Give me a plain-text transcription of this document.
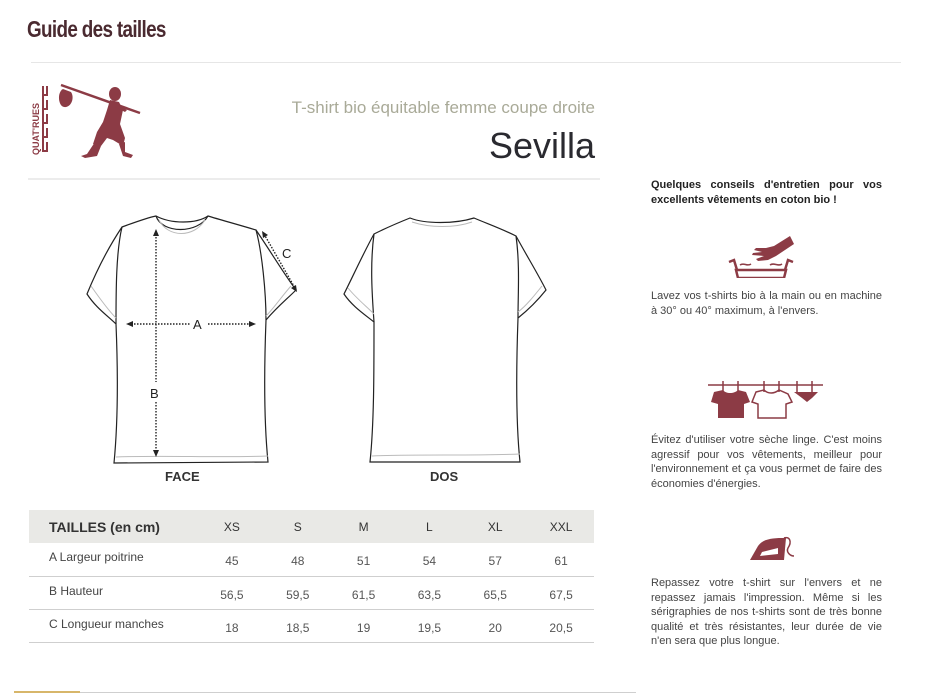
Guide des tailles
QUAT'RUES	T-shirt bio équitable femme coupe droite
Sevilla
A
B
C
FACE	DOS
TAILLES (en cm)	XS	S	M	L	XL	XXL
A Largeur poitrine	45	48	51	54	57	61
B Hauteur	56,5	59,5	61,5	63,5	65,5	67,5
C Longueur manches	18	18,5	19	19,5	20	20,5
Quelques conseils d'entretien pour vos excellents vêtements en coton bio !
Lavez vos t-shirts bio à la main ou en machine à 30° ou 40° maximum, à l'envers.
Évitez d'utiliser votre sèche linge. C'est moins agressif pour vos vêtements, meilleur pour l'environnement et ça vous permet de faire des économies d'énergies.
Repassez votre t-shirt sur l'envers et ne repassez jamais l'impression. Même si les sérigraphies de nos t-shirts sont de très bonne qualité et très résistantes, leur durée de vie n'en sera que plus longue.
